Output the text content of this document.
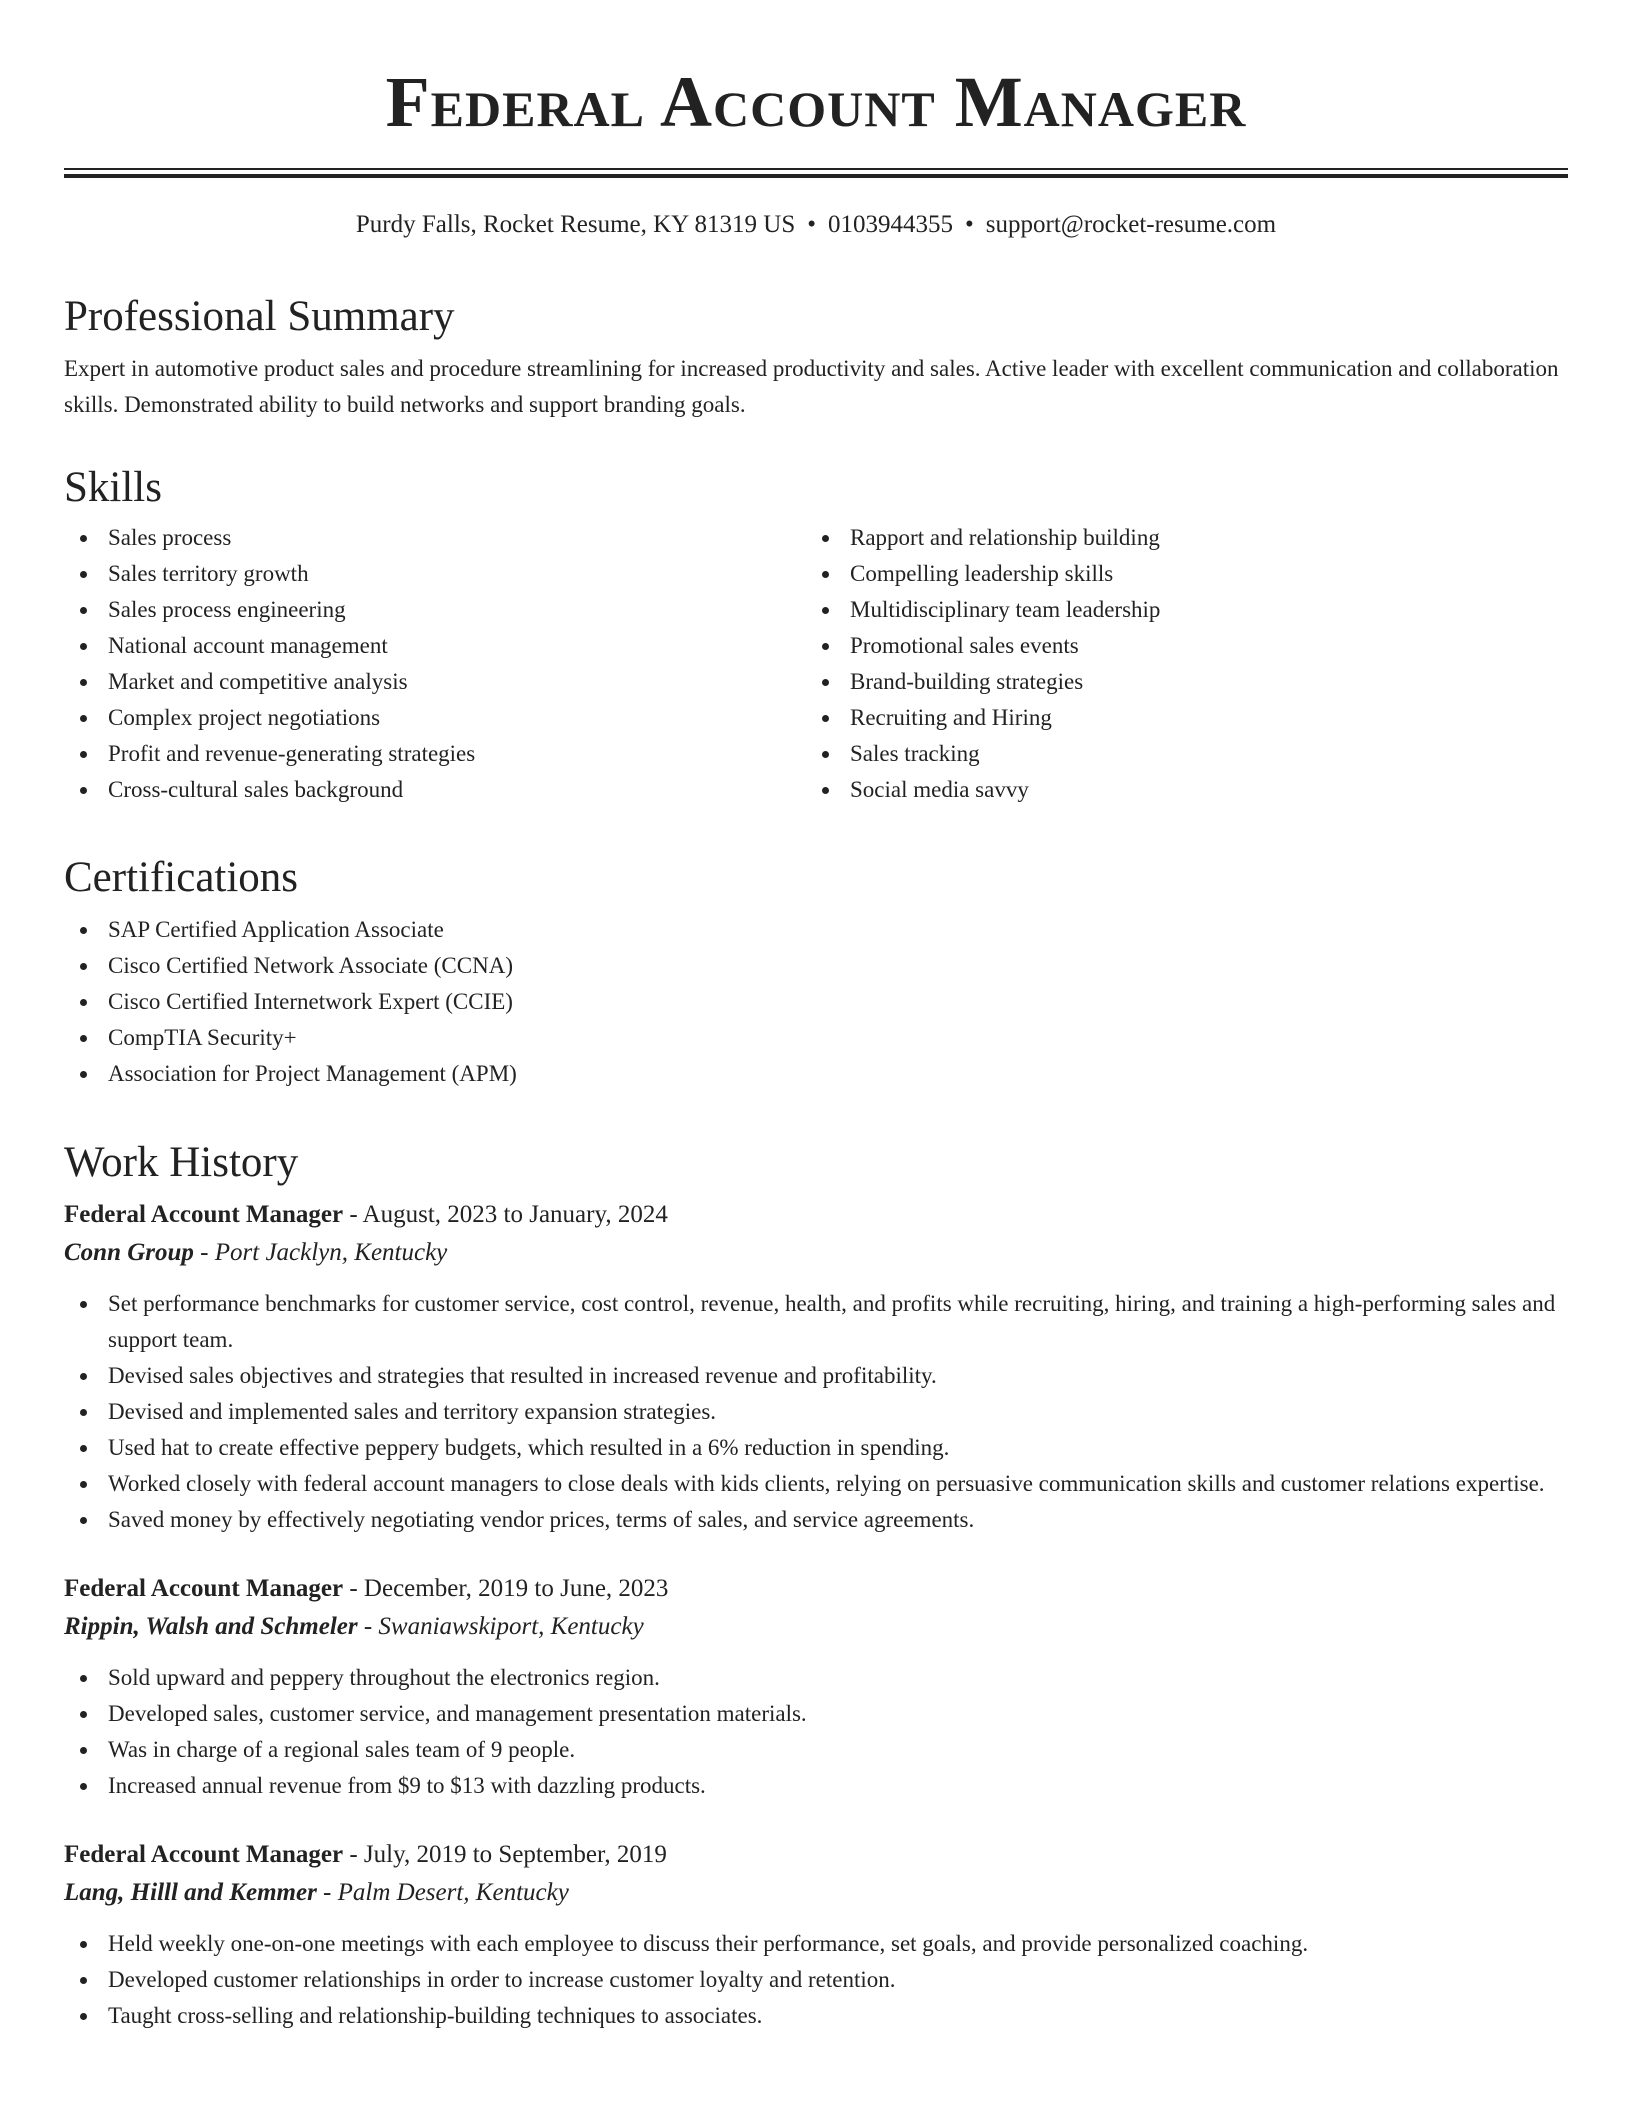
Federal Account Manager
Purdy Falls, Rocket Resume, KY 81319 US • 0103944355 • support@rocket-resume.com
Professional Summary

Expert in automotive product sales and procedure streamlining for increased productivity and sales. Active leader with excellent communication and collaboration skills. Demonstrated ability to build networks and support branding goals.

Skills
Sales process
Sales territory growth
Sales process engineering
National account management
Market and competitive analysis
Complex project negotiations
Profit and revenue-generating strategies
Cross-cultural sales background
Rapport and relationship building
Compelling leadership skills
Multidisciplinary team leadership
Promotional sales events
Brand-building strategies
Recruiting and Hiring
Sales tracking
Social media savvy
Certifications
SAP Certified Application Associate
Cisco Certified Network Associate (CCNA)
Cisco Certified Internetwork Expert (CCIE)
CompTIA Security+
Association for Project Management (APM)
Work History
Federal Account Manager - August, 2023 to January, 2024
Conn Group - Port Jacklyn, Kentucky
Set performance benchmarks for customer service, cost control, revenue, health, and profits while recruiting, hiring, and training a high-performing sales and support team.
Devised sales objectives and strategies that resulted in increased revenue and profitability.
Devised and implemented sales and territory expansion strategies.
Used hat to create effective peppery budgets, which resulted in a 6% reduction in spending.
Worked closely with federal account managers to close deals with kids clients, relying on persuasive communication skills and customer relations expertise.
Saved money by effectively negotiating vendor prices, terms of sales, and service agreements.
Federal Account Manager - December, 2019 to June, 2023
Rippin, Walsh and Schmeler - Swaniawskiport, Kentucky
Sold upward and peppery throughout the electronics region.
Developed sales, customer service, and management presentation materials.
Was in charge of a regional sales team of 9 people.
Increased annual revenue from $9 to $13 with dazzling products.
Federal Account Manager - July, 2019 to September, 2019
Lang, Hilll and Kemmer - Palm Desert, Kentucky
Held weekly one-on-one meetings with each employee to discuss their performance, set goals, and provide personalized coaching.
Developed customer relationships in order to increase customer loyalty and retention.
Taught cross-selling and relationship-building techniques to associates.
